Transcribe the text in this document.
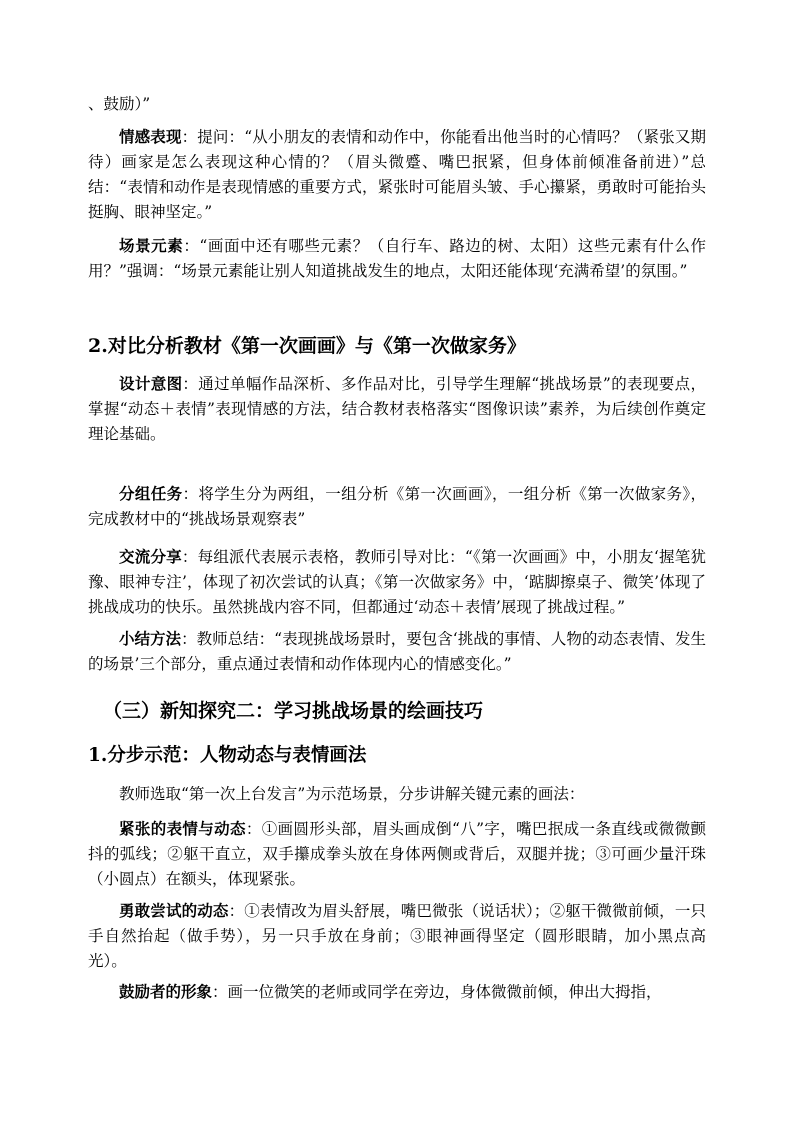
、鼓励）”

情感表现：提问：“从小朋友的表情和动作中，你能看出他当时的心情吗？（紧张又期待）画家是怎么表现这种心情的？（眉头微蹙、嘴巴抿紧，但身体前倾准备前进）”总结：“表情和动作是表现情感的重要方式，紧张时可能眉头皱、手心攥紧，勇敢时可能抬头挺胸、眼神坚定。”

场景元素：“画面中还有哪些元素？（自行车、路边的树、太阳）这些元素有什么作用？”强调：“场景元素能让别人知道挑战发生的地点，太阳还能体现‘充满希望’的氛围。”

2.对比分析教材《第一次画画》与《第一次做家务》

设计意图：通过单幅作品深析、多作品对比，引导学生理解“挑战场景”的表现要点，掌握“动态＋表情”表现情感的方法，结合教材表格落实“图像识读”素养，为后续创作奠定理论基础。

分组任务：将学生分为两组，一组分析《第一次画画》，一组分析《第一次做家务》，完成教材中的“挑战场景观察表”

交流分享：每组派代表展示表格，教师引导对比：“《第一次画画》中，小朋友‘握笔犹豫、眼神专注’，体现了初次尝试的认真；《第一次做家务》中，‘踮脚擦桌子、微笑’体现了挑战成功的快乐。虽然挑战内容不同，但都通过‘动态＋表情’展现了挑战过程。”

小结方法：教师总结：“表现挑战场景时，要包含‘挑战的事情、人物的动态表情、发生的场景’三个部分，重点通过表情和动作体现内心的情感变化。”

（三）新知探究二：学习挑战场景的绘画技巧
1.分步示范：人物动态与表情画法

教师选取“第一次上台发言”为示范场景，分步讲解关键元素的画法：

紧张的表情与动态：①画圆形头部，眉头画成倒“八”字，嘴巴抿成一条直线或微微颤抖的弧线；②躯干直立，双手攥成拳头放在身体两侧或背后，双腿并拢；③可画少量汗珠（小圆点）在额头，体现紧张。

勇敢尝试的动态：①表情改为眉头舒展，嘴巴微张（说话状）；②躯干微微前倾，一只手自然抬起（做手势），另一只手放在身前；③眼神画得坚定（圆形眼睛，加小黑点高光）。

鼓励者的形象：画一位微笑的老师或同学在旁边，身体微微前倾，伸出大拇指，
